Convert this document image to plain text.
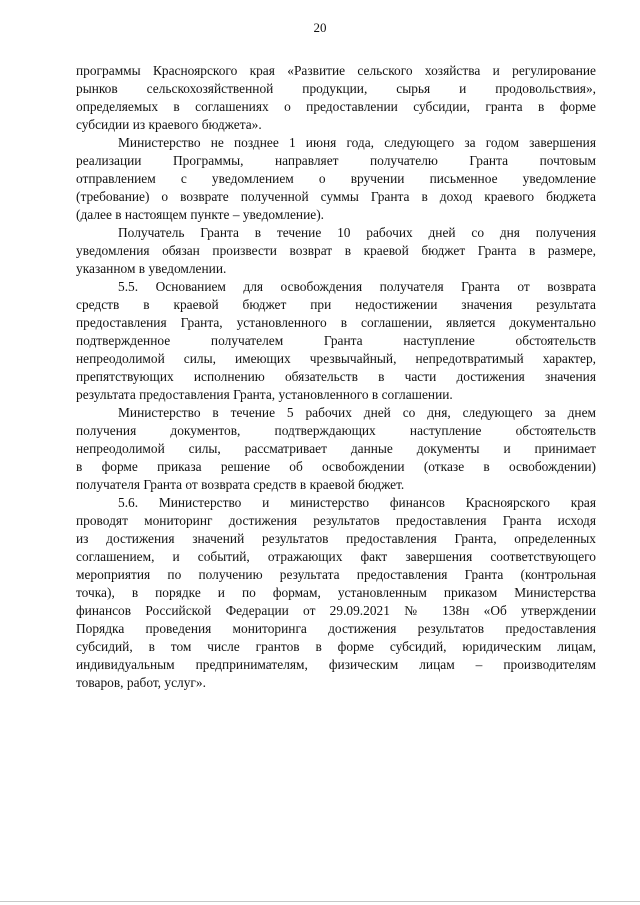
20
программы Красноярского края «Развитие сельского хозяйства и регулирование
рынков сельскохозяйственной продукции, сырья и продовольствия»,
определяемых в соглашениях о предоставлении субсидии, гранта в форме
субсидии из краевого бюджета».
Министерство не позднее 1 июня года, следующего за годом завершения
реализации Программы, направляет получателю Гранта почтовым
отправлением с уведомлением о вручении письменное уведомление
(требование) о возврате полученной суммы Гранта в доход краевого бюджета
(далее в настоящем пункте – уведомление).
Получатель Гранта в течение 10 рабочих дней со дня получения
уведомления обязан произвести возврат в краевой бюджет Гранта в размере,
указанном в уведомлении.
5.5. Основанием для освобождения получателя Гранта от возврата
средств в краевой бюджет при недостижении значения результата
предоставления Гранта, установленного в соглашении, является документально
подтвержденное получателем Гранта наступление обстоятельств
непреодолимой силы, имеющих чрезвычайный, непредотвратимый характер,
препятствующих исполнению обязательств в части достижения значения
результата предоставления Гранта, установленного в соглашении.
Министерство в течение 5 рабочих дней со дня, следующего за днем
получения документов, подтверждающих наступление обстоятельств
непреодолимой силы, рассматривает данные документы и принимает
в форме приказа решение об освобождении (отказе в освобождении)
получателя Гранта от возврата средств в краевой бюджет.
5.6. Министерство и министерство финансов Красноярского края
проводят мониторинг достижения результатов предоставления Гранта исходя
из достижения значений результатов предоставления Гранта, определенных
соглашением, и событий, отражающих факт завершения соответствующего
мероприятия по получению результата предоставления Гранта (контрольная
точка), в порядке и по формам, установленным приказом Министерства
финансов Российской Федерации от 29.09.2021 № 138н «Об утверждении
Порядка проведения мониторинга достижения результатов предоставления
субсидий, в том числе грантов в форме субсидий, юридическим лицам,
индивидуальным предпринимателям, физическим лицам – производителям
товаров, работ, услуг».
